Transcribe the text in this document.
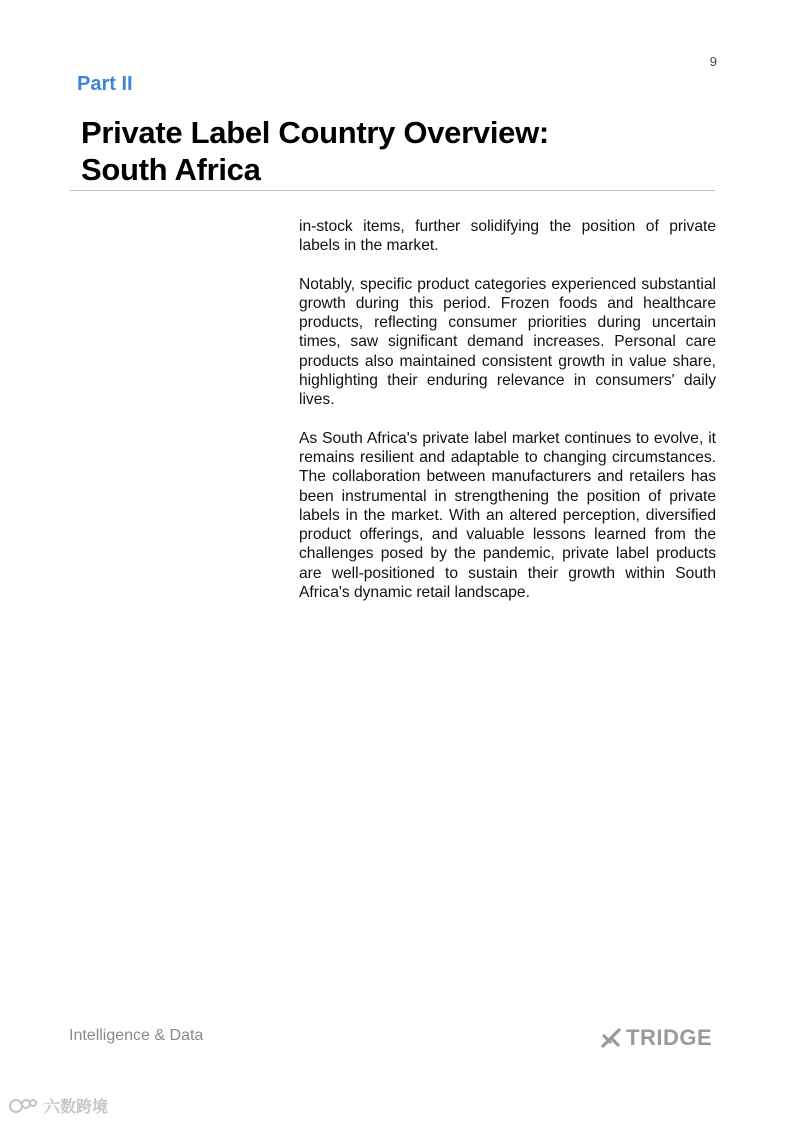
9
Part II
Private Label Country Overview:
South Africa

in-stock items, further solidifying the position of private labels in the market.

Notably, specific product categories experienced substantial growth during this period. Frozen foods and healthcare products, reflecting consumer priorities during uncertain times, saw significant demand increases. Personal care products also maintained consistent growth in value share, highlighting their enduring relevance in consumers' daily lives.

As South Africa's private label market continues to evolve, it remains resilient and adaptable to changing circumstances. The collaboration between manufacturers and retailers has been instrumental in strengthening the position of private labels in the market. With an altered perception, diversified product offerings, and valuable lessons learned from the challenges posed by the pandemic, private label products are well-positioned to sustain their growth within South Africa's dynamic retail landscape.

Intelligence & Data	TRIDGE
六数跨境
